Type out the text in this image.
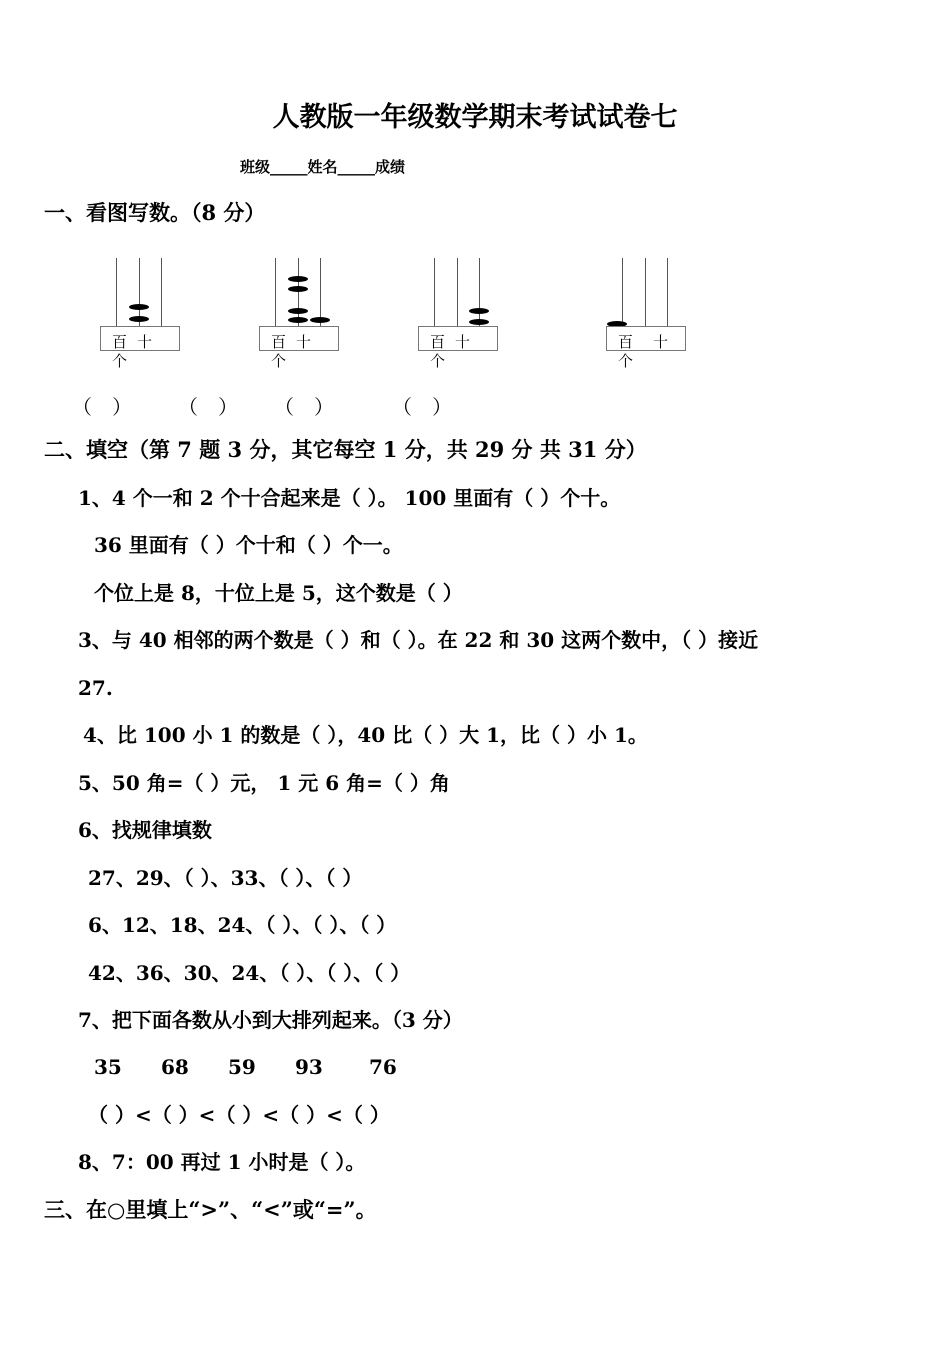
人教版一年级数学期末考试试卷七
班级_____姓名_____成绩
一、看图写数。（8 分）
百 十
个
百 十
个
百 十
个
百 十
个
（　） （　） （　）	（　）
二、填空（第 7 题 3 分，其它每空 1 分，共 29 分 共 31 分）
1、4 个一和 2 个十合起来是（ ）。 100 里面有（ ）个十。
36 里面有（ ）个十和（ ）个一。
个位上是 8，十位上是 5，这个数是（ ）
3、与 40 相邻的两个数是（ ）和（ ）。在 22 和 30 这两个数中，（ ）接近
27.
4、比 100 小 1 的数是（ ），40 比（ ）大 1，比（ ）小 1。
5、50 角=（ ）元， 1 元 6 角=（ ）角
6、找规律填数
27、29、（ ）、33、（ ）、（ ）
6、12、18、24、（ ）、（ ）、（ ）
42、36、30、24、（ ）、（ ）、（ ）
7、把下面各数从小到大排列起来。（3 分）
35 68 59 93 76
（ ）<（ ）<（ ）<（ ）<（ ）
8、7：00 再过 1 小时是（ ）。
三、在○里填上“>”、“<”或“=”。
